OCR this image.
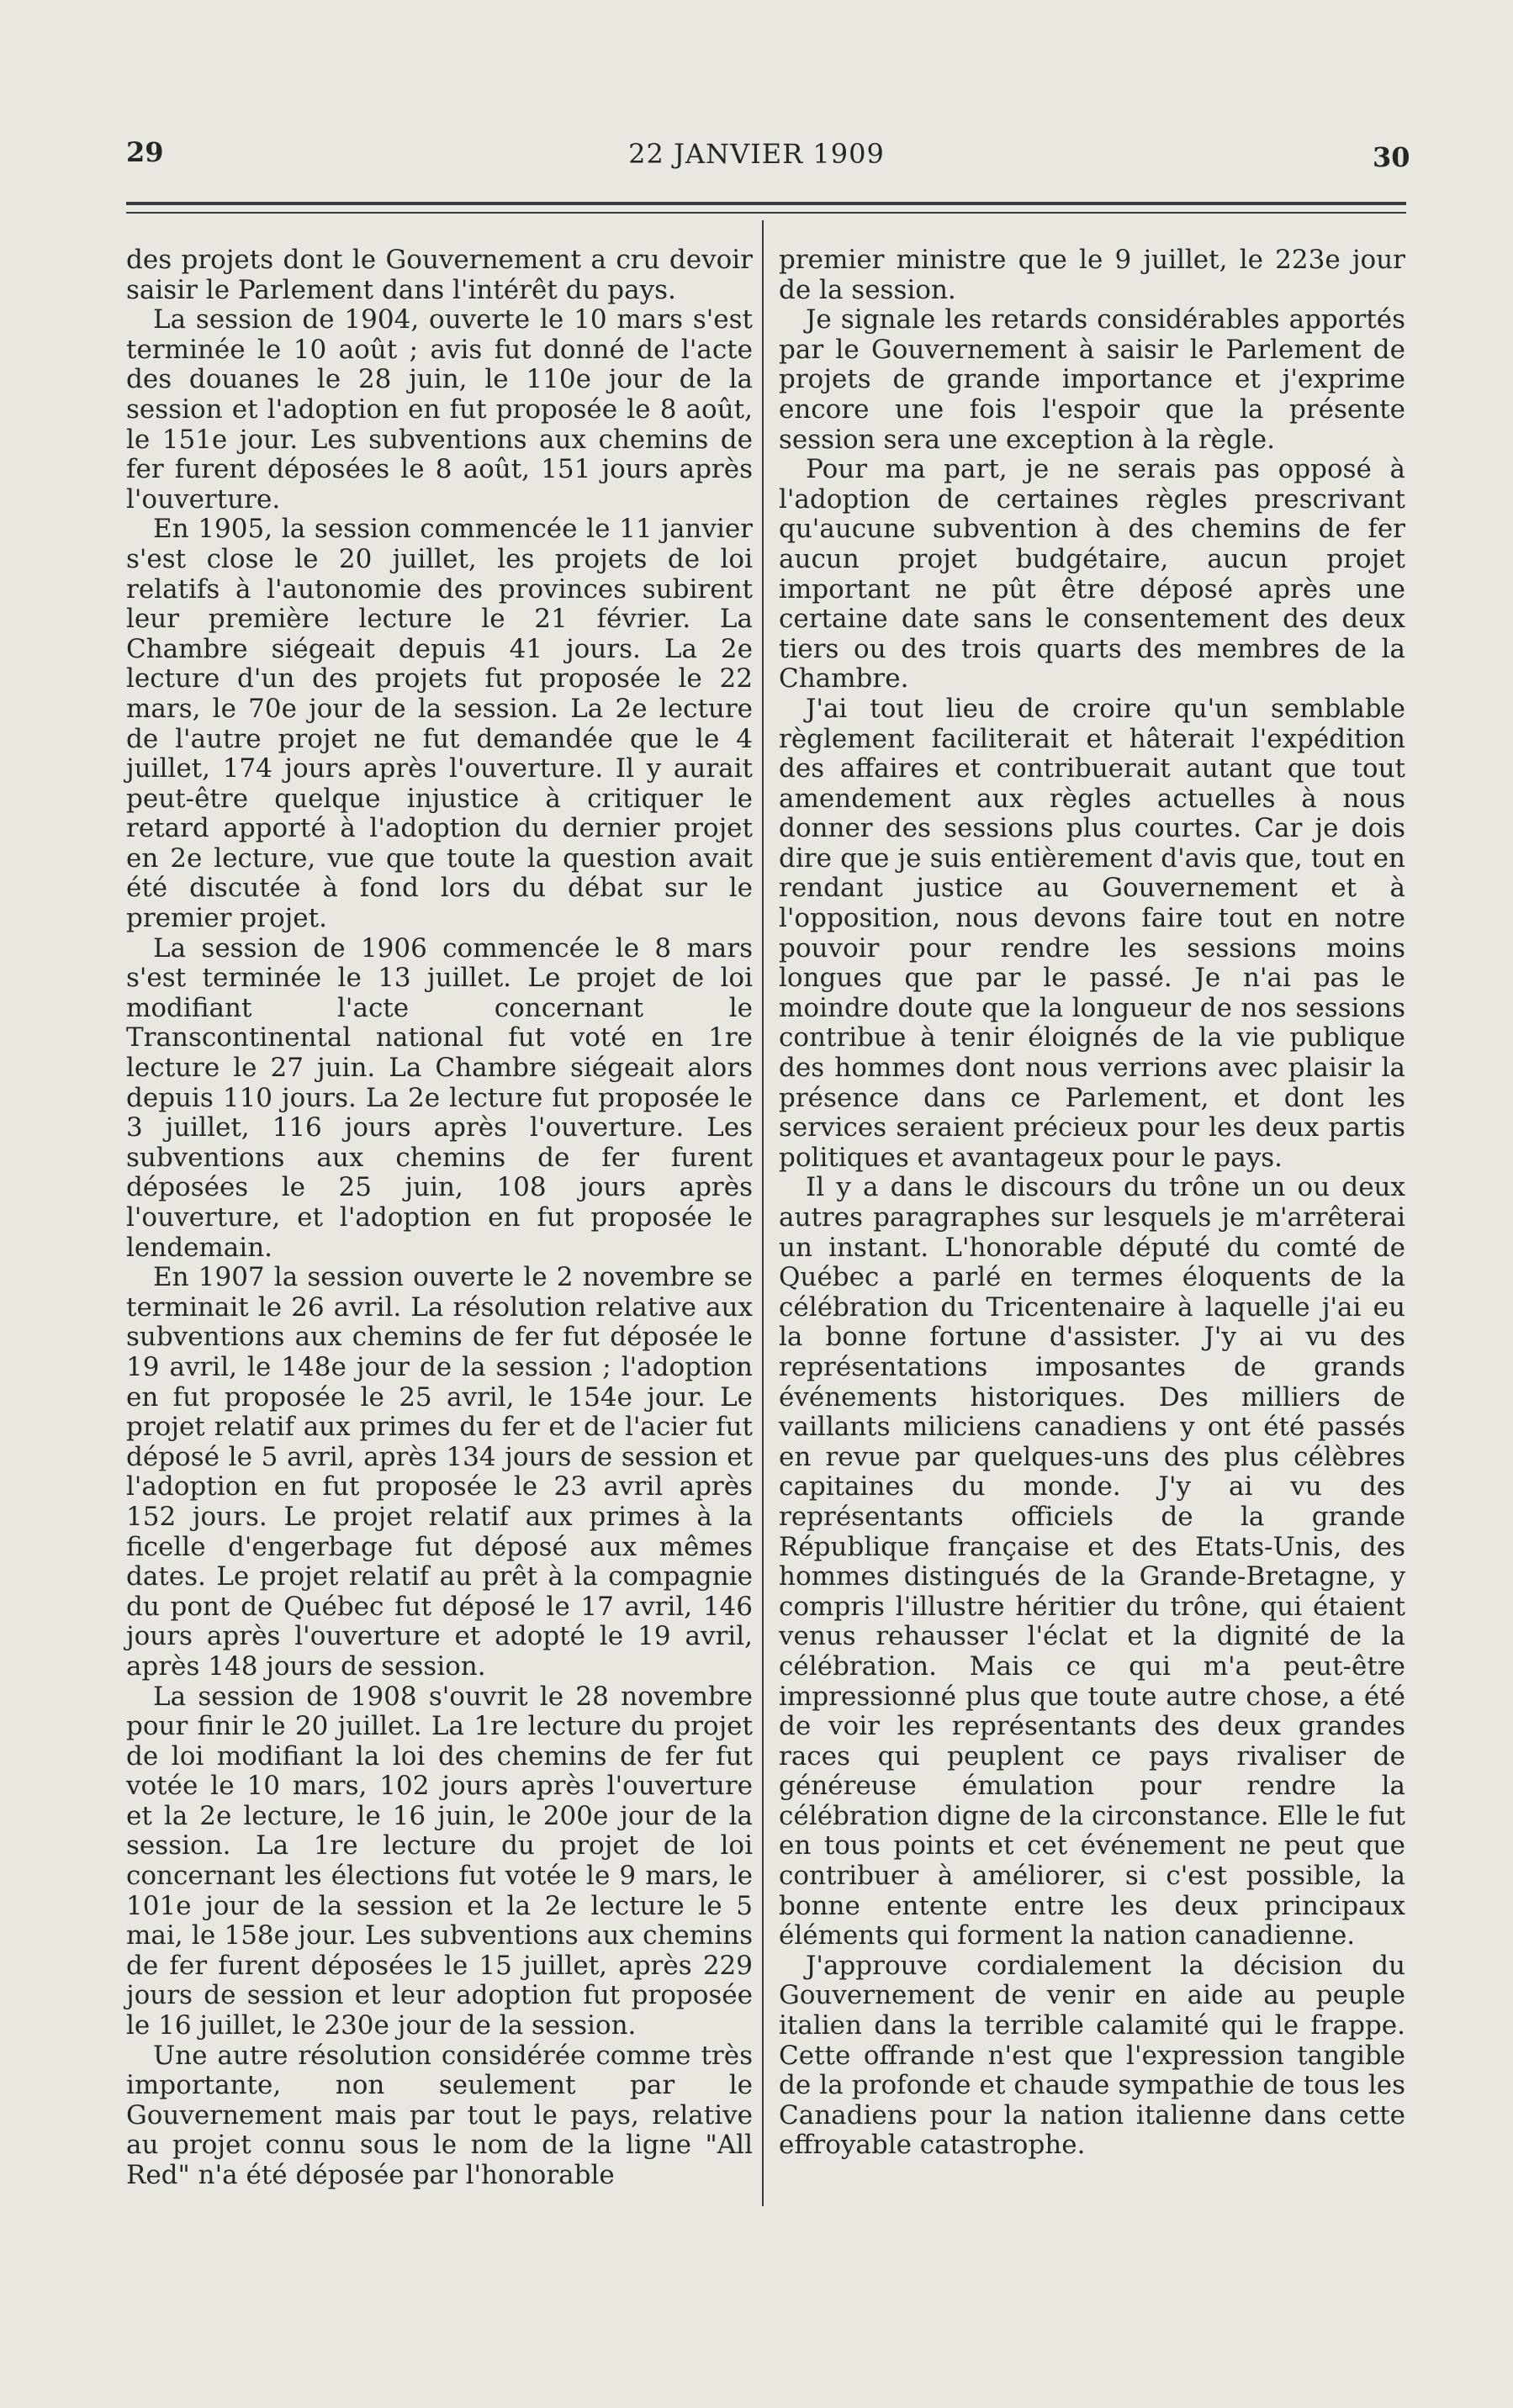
29	22 JANVIER 1909	30

des projets dont le Gouvernement a cru devoir saisir le Parlement dans l'intérêt du pays.

La session de 1904, ouverte le 10 mars s'est terminée le 10 août ; avis fut donné de l'acte des douanes le 28 juin, le 110e jour de la session et l'adoption en fut proposée le 8 août, le 151e jour. Les subventions aux chemins de fer furent déposées le 8 août, 151 jours après l'ouverture.

En 1905, la session commencée le 11 janvier s'est close le 20 juillet, les projets de loi relatifs à l'autonomie des provinces subirent leur première lecture le 21 février. La Chambre siégeait depuis 41 jours. La 2e lecture d'un des projets fut proposée le 22 mars, le 70e jour de la session. La 2e lecture de l'autre projet ne fut demandée que le 4 juillet, 174 jours après l'ouverture. Il y aurait peut-être quelque injustice à critiquer le retard apporté à l'adoption du dernier projet en 2e lecture, vue que toute la question avait été discutée à fond lors du débat sur le premier projet.

La session de 1906 commencée le 8 mars s'est terminée le 13 juillet. Le projet de loi modifiant l'acte concernant le Transcontinental national fut voté en 1re lecture le 27 juin. La Chambre siégeait alors depuis 110 jours. La 2e lecture fut proposée le 3 juillet, 116 jours après l'ouverture. Les subventions aux chemins de fer furent déposées le 25 juin, 108 jours après l'ouverture, et l'adoption en fut proposée le lendemain.

En 1907 la session ouverte le 2 novembre se terminait le 26 avril. La résolution relative aux subventions aux chemins de fer fut déposée le 19 avril, le 148e jour de la session ; l'adoption en fut proposée le 25 avril, le 154e jour. Le projet relatif aux primes du fer et de l'acier fut déposé le 5 avril, après 134 jours de session et l'adoption en fut proposée le 23 avril après 152 jours. Le projet relatif aux primes à la ficelle d'engerbage fut déposé aux mêmes dates. Le projet relatif au prêt à la compagnie du pont de Québec fut déposé le 17 avril, 146 jours après l'ouverture et adopté le 19 avril, après 148 jours de session.

La session de 1908 s'ouvrit le 28 novembre pour finir le 20 juillet. La 1re lecture du projet de loi modifiant la loi des chemins de fer fut votée le 10 mars, 102 jours après l'ouverture et la 2e lecture, le 16 juin, le 200e jour de la session. La 1re lecture du projet de loi concernant les élections fut votée le 9 mars, le 101e jour de la session et la 2e lecture le 5 mai, le 158e jour. Les subventions aux chemins de fer furent déposées le 15 juillet, après 229 jours de session et leur adoption fut proposée le 16 juillet, le 230e jour de la session.

Une autre résolution considérée comme très importante, non seulement par le Gouvernement mais par tout le pays, relative au projet connu sous le nom de la ligne "All Red" n'a été déposée par l'honorable

premier ministre que le 9 juillet, le 223e jour de la session.

Je signale les retards considérables apportés par le Gouvernement à saisir le Parlement de projets de grande importance et j'exprime encore une fois l'espoir que la présente session sera une exception à la règle.

Pour ma part, je ne serais pas opposé à l'adoption de certaines règles prescrivant qu'aucune subvention à des chemins de fer aucun projet budgétaire, aucun projet important ne pût être déposé après une certaine date sans le consentement des deux tiers ou des trois quarts des membres de la Chambre.

J'ai tout lieu de croire qu'un semblable règlement faciliterait et hâterait l'expédition des affaires et contribuerait autant que tout amendement aux règles actuelles à nous donner des sessions plus courtes. Car je dois dire que je suis entièrement d'avis que, tout en rendant justice au Gouvernement et à l'opposition, nous devons faire tout en notre pouvoir pour rendre les sessions moins longues que par le passé. Je n'ai pas le moindre doute que la longueur de nos sessions contribue à tenir éloignés de la vie publique des hommes dont nous verrions avec plaisir la présence dans ce Parlement, et dont les services seraient précieux pour les deux partis politiques et avantageux pour le pays.

Il y a dans le discours du trône un ou deux autres paragraphes sur lesquels je m'arrêterai un instant. L'honorable député du comté de Québec a parlé en termes éloquents de la célébration du Tricentenaire à laquelle j'ai eu la bonne fortune d'assister. J'y ai vu des représentations imposantes de grands événements historiques. Des milliers de vaillants miliciens canadiens y ont été passés en revue par quelques-uns des plus célèbres capitaines du monde. J'y ai vu des représentants officiels de la grande République française et des Etats-Unis, des hommes distingués de la Grande-Bretagne, y compris l'illustre héritier du trône, qui étaient venus rehausser l'éclat et la dignité de la célébration. Mais ce qui m'a peut-être impressionné plus que toute autre chose, a été de voir les représentants des deux grandes races qui peuplent ce pays rivaliser de généreuse émulation pour rendre la célébration digne de la circonstance. Elle le fut en tous points et cet événement ne peut que contribuer à améliorer, si c'est possible, la bonne entente entre les deux principaux éléments qui forment la nation canadienne.

J'approuve cordialement la décision du Gouvernement de venir en aide au peuple italien dans la terrible calamité qui le frappe. Cette offrande n'est que l'expression tangible de la profonde et chaude sympathie de tous les Canadiens pour la nation italienne dans cette effroyable catastrophe.
